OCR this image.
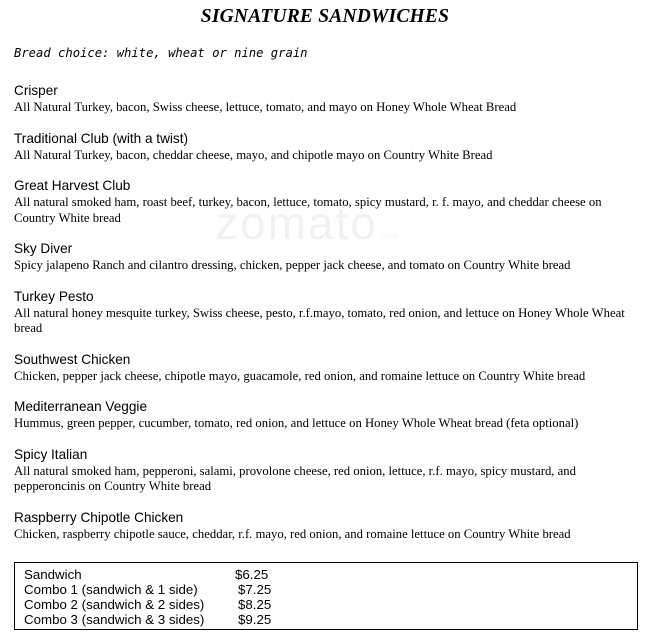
SIGNATURE SANDWICHES
Bread choice: white, wheat or nine grain
zomato.com
Crisper
All Natural Turkey, bacon, Swiss cheese, lettuce, tomato, and mayo on Honey Whole Wheat Bread
Traditional Club (with a twist)
All Natural Turkey, bacon, cheddar cheese, mayo, and chipotle mayo on Country White Bread
Great Harvest Club
All natural smoked ham, roast beef, turkey, bacon, lettuce, tomato, spicy mustard, r. f. mayo, and cheddar cheese on Country White bread
Sky Diver
Spicy jalapeno Ranch and cilantro dressing, chicken, pepper jack cheese, and tomato on Country White bread
Turkey Pesto
All natural honey mesquite turkey, Swiss cheese, pesto, r.f.mayo, tomato, red onion, and lettuce on Honey Whole Wheat bread
Southwest Chicken
Chicken, pepper jack cheese, chipotle mayo, guacamole, red onion, and romaine lettuce on Country White bread
Mediterranean Veggie
Hummus, green pepper, cucumber, tomato, red onion, and lettuce on Honey Whole Wheat bread (feta optional)
Spicy Italian
All natural smoked ham, pepperoni, salami, provolone cheese, red onion, lettuce, r.f. mayo, spicy mustard, and pepperoncinis on Country White bread
Raspberry Chipotle Chicken
Chicken, raspberry chipotle sauce, cheddar, r.f. mayo, red onion, and romaine lettuce on Country White bread
Sandwich	$6.25
Combo 1 (sandwich & 1 side)	$7.25
Combo 2 (sandwich & 2 sides)	$8.25
Combo 3 (sandwich & 3 sides)	$9.25
